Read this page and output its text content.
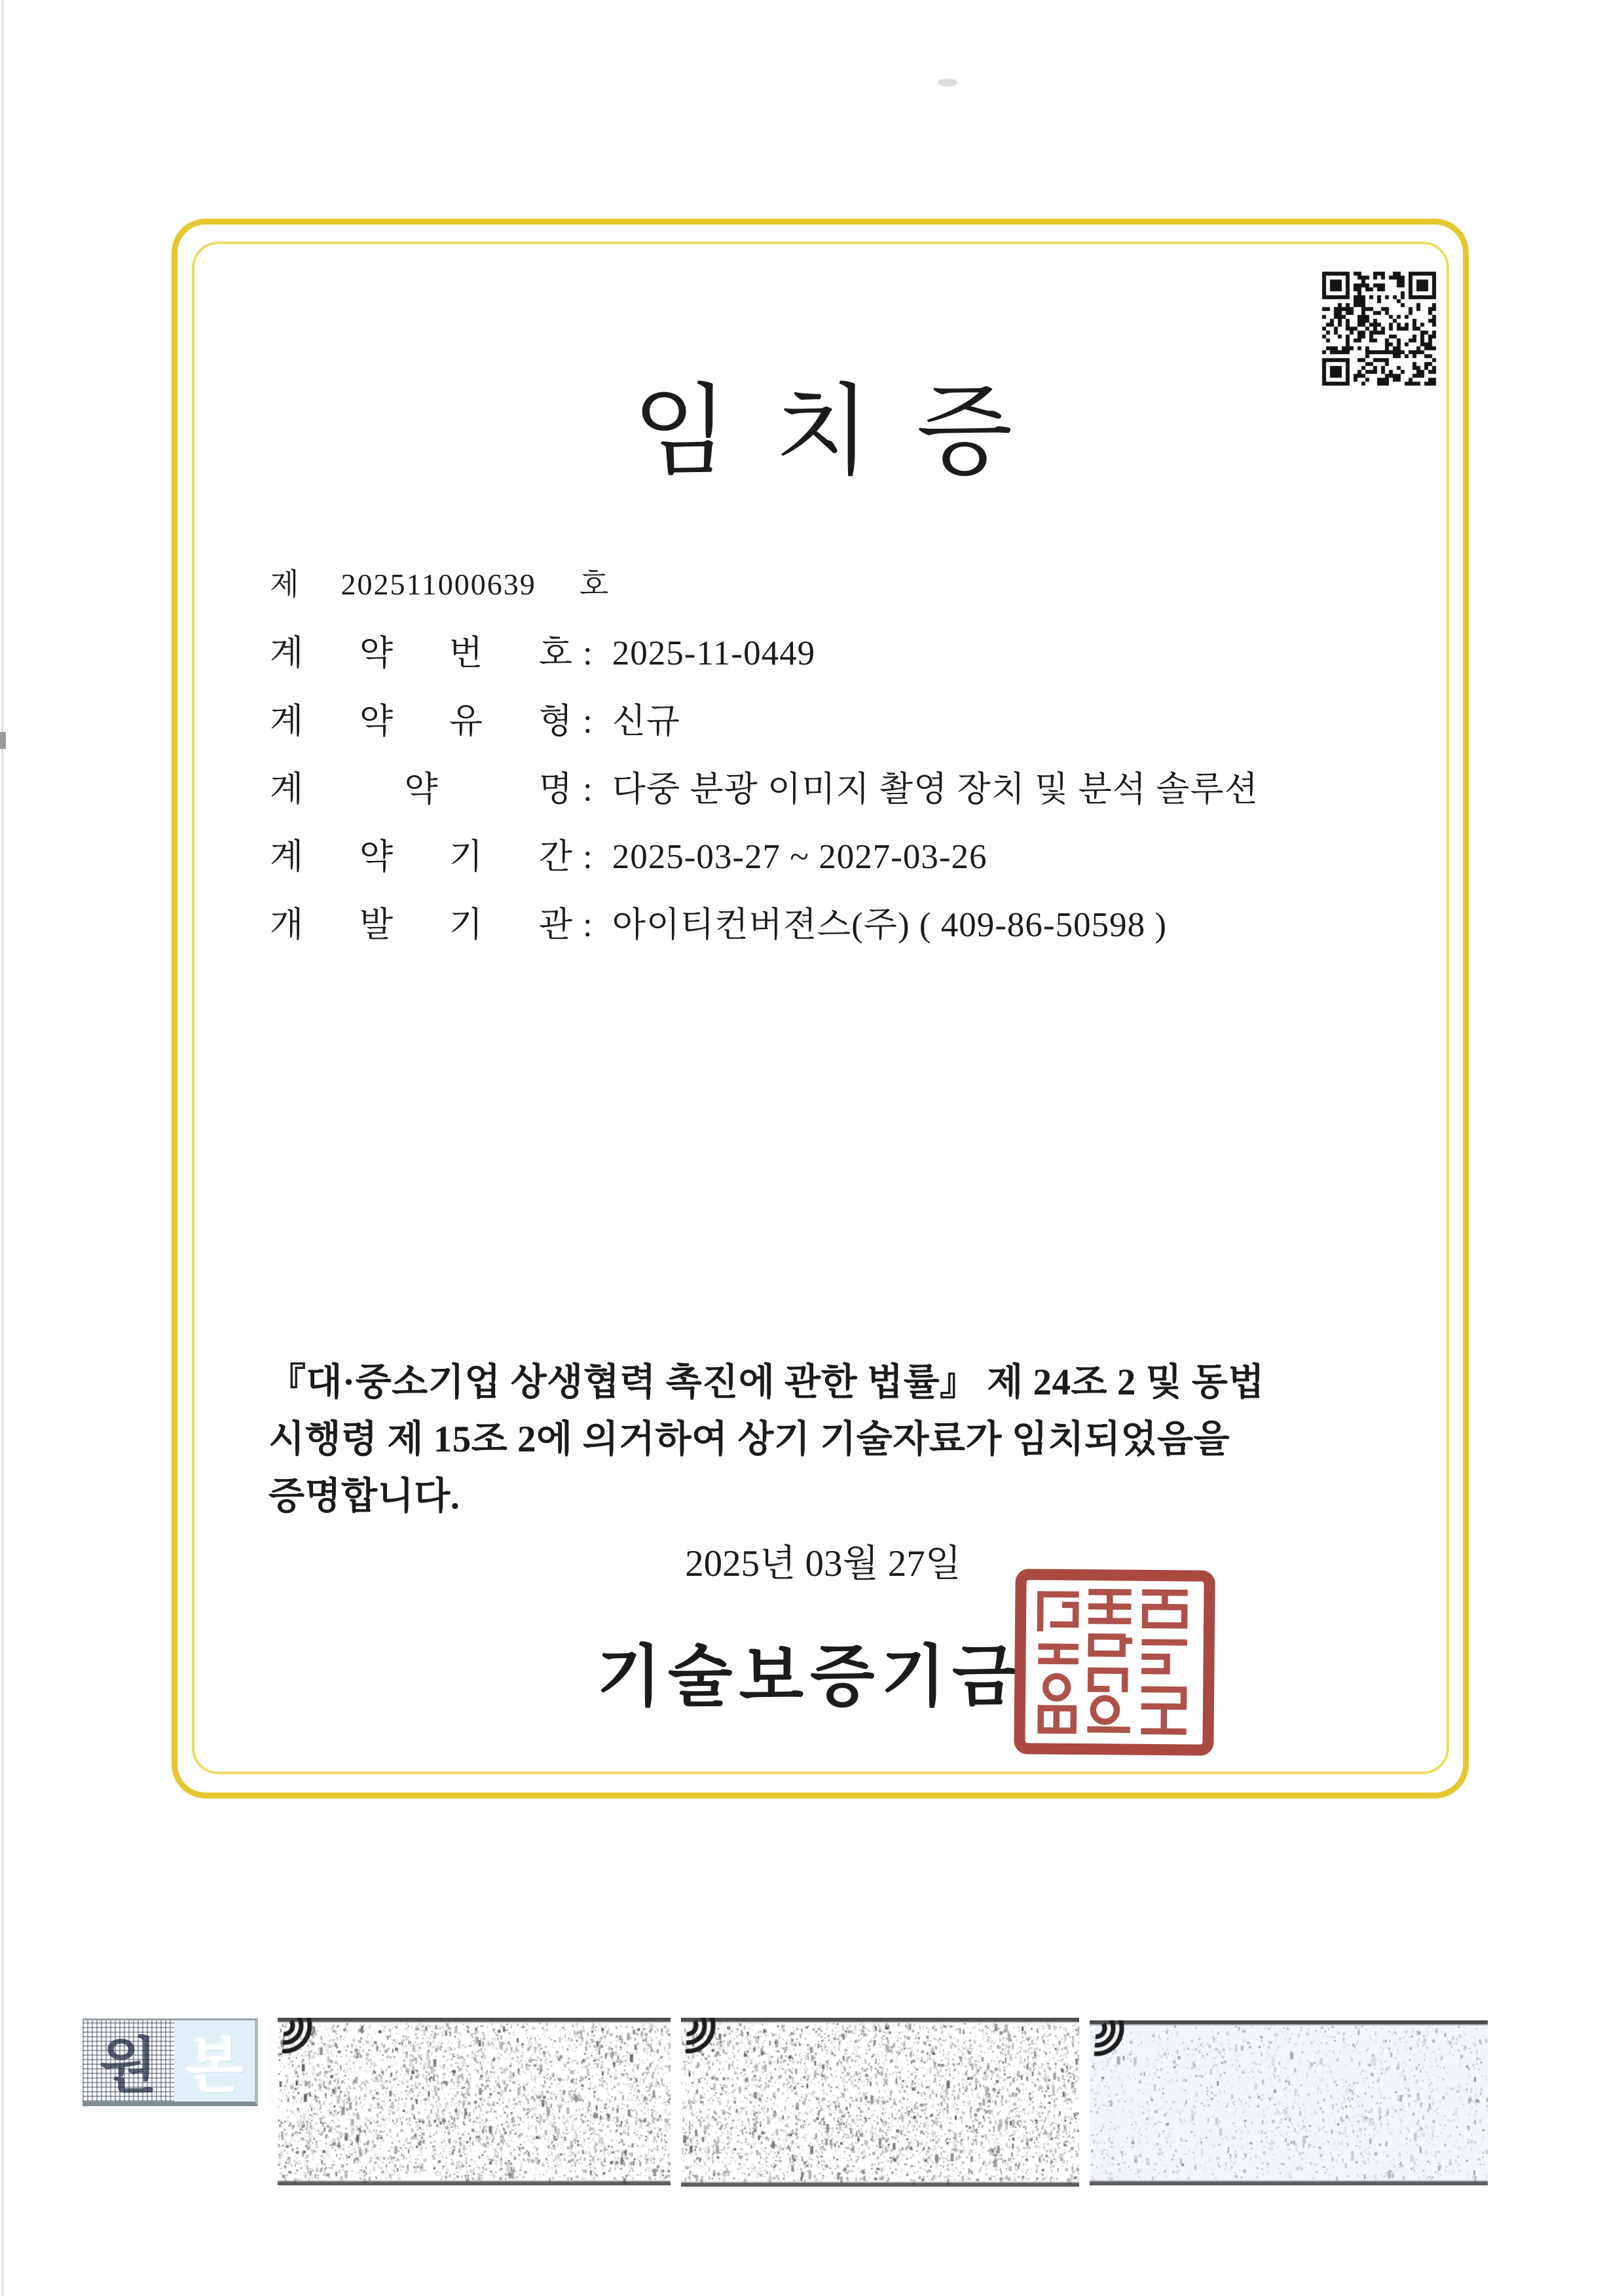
임 치 증
제 202511000639 호
계 약 번 호 : 2025-11-0449
계 약 유 형 : 신규
계 약 명 : 다중 분광 이미지 촬영 장치 및 분석 솔루션
계 약 기 간 : 2025-03-27 ~ 2027-03-26
개 발 기 관 : 아이티컨버젼스(주) ( 409-86-50598 )
『대·중소기업 상생협력 촉진에 관한 법률』 제 24조 2 및 동법
시행령 제 15조 2에 의거하여 상기 기술자료가 임치되었음을
증명합니다.
2025년 03월 27일
기술보증기금
원 본
